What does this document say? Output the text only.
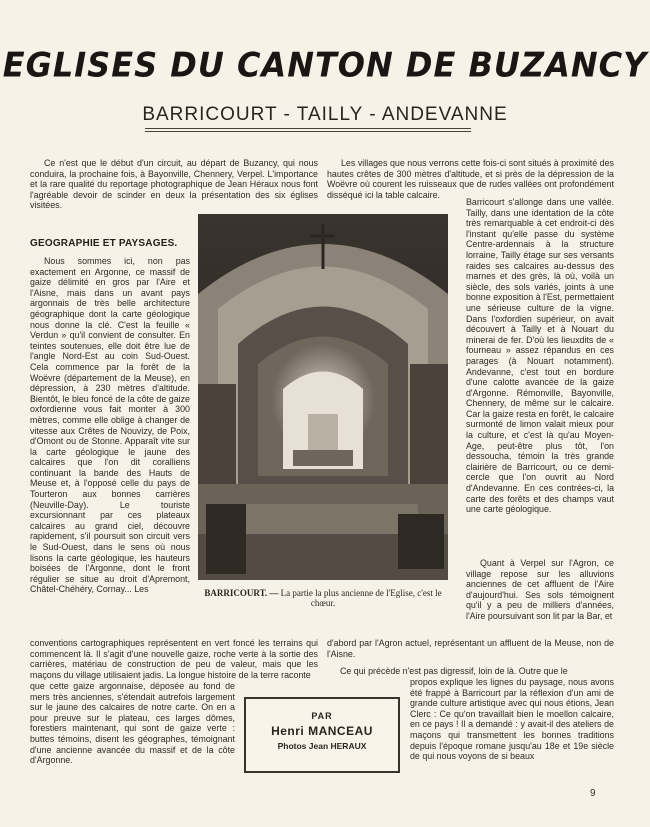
EGLISES DU CANTON DE BUZANCY
BARRICOURT - TAILLY - ANDEVANNE

Ce n'est que le début d'un circuit, au départ de Buzancy, qui nous conduira, la prochaine fois, à Bayonville, Chennery, Verpel. L'importance et la rare qualité du reportage photographique de Jean Héraux nous font l'agréable devoir de scinder en deux la présentation des six églises visitées.

Les villages que nous verrons cette fois-ci sont situés à proximité des hautes crêtes de 300 mètres d'altitude, et si près de la dépression de la Woëvre où courent les ruisseaux que de rudes vallées ont profondément disséqué ici la table calcaire.

GEOGRAPHIE ET PAYSAGES.

Nous sommes ici, non pas exactement en Argonne, ce massif de gaize délimité en gros par l'Aire et l'Aisne, mais dans un avant pays argonnais de très belle architecture géographique dont la carte géologique nous donne la clé. C'est la feuille « Verdun » qu'il convient de consulter. En teintes soutenues, elle doit être lue de l'angle Nord-Est au coin Sud-Ouest. Cela commence par la forêt de la Woëvre (département de la Meuse), en dépression, à 230 mètres d'altitude. Bientôt, le bleu foncé de la côte de gaize oxfordienne vous fait monter à 300 mètres, comme elle oblige à changer de vitesse aux Crêtes de Nouvizy, de Poix, d'Omont ou de Stonne. Apparaît vite sur la carte géologique le jaune des calcaires que l'on dit coralliens continuant la bande des Hauts de Meuse et, à l'opposé celle du pays de Tourteron aux bonnes carrières (Neuville-Day). Le touriste excursionnant par ces plateaux calcaires au grand ciel, découvre rapidement, s'il poursuit son circuit vers le Sud-Ouest, dans le sens où nous lisons la carte géologique, les hauteurs boisées de l'Argonne, dont le front régulier se situe au droit d'Apremont, Châtel-Chéhéry, Cornay... Les

conventions cartographiques représentent en vert foncé les terrains qui commencent là. Il s'agit d'une nouvelle gaize, roche verte à la sortie des carrières, matériau de construction de peu de valeur, mais que les maçons du village utilisaient jadis. La longue histoire de la terre raconte

que cette gaize argonnaise, déposée au fond de mers très anciennes, s'étendait autrefois largement sur le jaune des calcaires de notre carte. On en a pour preuve sur le plateau, ces larges dômes, forestiers maintenant, qui sont de gaize verte : buttes témoins, disent les géographes, témoignant d'une ancienne avancée du massif et de la côte d'Argonne.

BARRICOURT. — La partie la plus ancienne de l'Eglise, c'est le chœur.

Barricourt s'allonge dans une vallée. Tailly, dans une identation de la côte très remarquable à cet endroit-ci dès l'instant qu'elle passe du système Centre-ardennais à la structure lorraine, Tailly étage sur ses versants raides ses calcaires au-dessus des marnes et des grès, là où, voilà un siècle, des sols variés, joints à une bonne exposition à l'Est, permettaient une sérieuse culture de la vigne. Dans l'oxfordien supérieur, on avait découvert à Tailly et à Nouart du minerai de fer. D'où les lieuxdits de « fourneau » assez répandus en ces parages (à Nouart notamment). Andevanne, c'est tout en bordure d'une calotte avancée de la gaize d'Argonne. Rémonville, Bayonville, Chennery, de même sur le calcaire. Car la gaize resta en forêt, le calcaire surmonté de limon valait mieux pour la culture, et c'est là qu'au Moyen-Age, peut-être plus tôt, l'on dessoucha, témoin la très grande clairière de Barricourt, ou ce demi-cercle que l'on ouvrit au Nord d'Andevanne. En ces contrées-ci, la carte des forêts et des champs vaut une carte géologique.

Quant à Verpel sur l'Agron, ce village repose sur les alluvions anciennes de cet affluent de l'Aire d'aujourd'hui. Ses sols témoignent qu'il y a peu de milliers d'années, l'Aire poursuivant son lit par la Bar, et

d'abord par l'Agron actuel, représentant un affluent de la Meuse, non de l'Aisne.

Ce qui précède n'est pas digressif, loin de là. Outre que le

propos explique les lignes du paysage, nous avons été frappé à Barricourt par la réflexion d'un ami de grande culture artistique avec qui nous étions, Jean Clerc : Ce qu'on travaillait bien le moellon calcaire, en ce pays ! Il a demandé : y avait-il des ateliers de maçons qui transmettent les bonnes traditions depuis l'époque romane jusqu'au 18e et 19e siècle de qui nous voyons de si beaux

PAR
Henri MANCEAU
Photos Jean HERAUX
9
